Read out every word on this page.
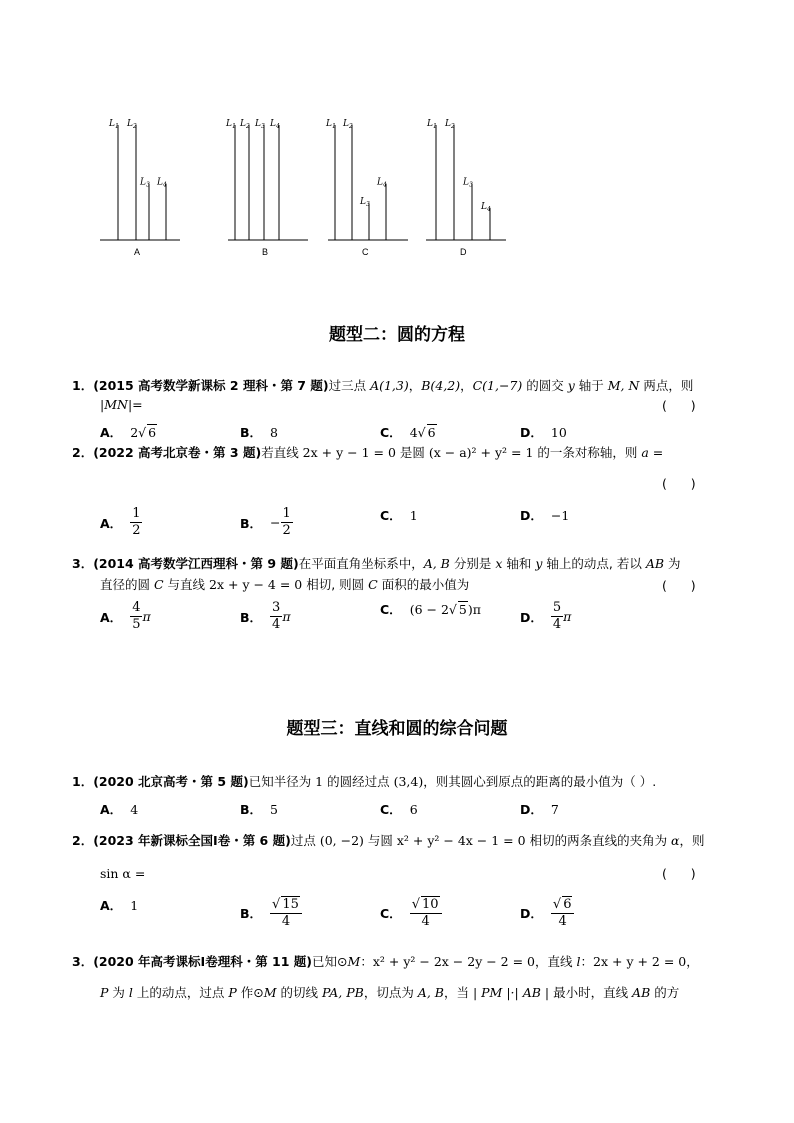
$L_1$ $L_2$
$L_3$ $L_4$
A
$L_1$ $L_2$ $L_3$ $L_4$
B
$L_1$ $L_2$
$L_3$
$L_4$
C
$L_1$ $L_2$
$L_3$
$L_4$
D
题型二：圆的方程
1．(2015 高考数学新课标 2 理科・第 7 题)过三点 A(1,3)，B(4,2)，C(1,−7) 的圆交 y 轴于 M, N 两点，则
|MN|=	(      )
A． 2√ 6	B． 8	C． 4√ 6	D． 10
2．(2022 高考北京卷・第 3 题)若直线 2x + y − 1 = 0 是圆 (x − a)² + y² = 1 的一条对称轴，则 a =
(      )
A． $\frac{1}{2}$	B． − $\frac{1}{2}$	C． 1	D． −1
3．(2014 高考数学江西理科・第 9 题)在平面直角坐标系中，A, B 分别是 x 轴和 y 轴上的动点, 若以 AB 为
直径的圆 C 与直线 2x + y − 4 = 0 相切, 则圆 C 面积的最小值为	(      )
A． $\frac{4}{5}$ π	B． $\frac{3}{4}$ π	C． (6 − 2√ 5)π	D． $\frac{5}{4}$ π
题型三：直线和圆的综合问题
1．(2020 北京高考・第 5 题)已知半径为 1 的圆经过点 (3,4)，则其圆心到原点的距离的最小值为（ ）.
A． 4	B． 5	C． 6	D． 7
2．(2023 年新课标全国Ⅰ卷・第 6 题)过点 (0, −2) 与圆 x² + y² − 4x − 1 = 0 相切的两条直线的夹角为 α，则
sin α =	(      )
A． 1
B． $\frac{√ 15}{4}$	C． $\frac{√ 10}{4}$	D． $\frac{√ 6}{4}$
3．(2020 年高考课标Ⅰ卷理科・第 11 题)已知⊙M：x² + y² − 2x − 2y − 2 = 0，直线 l：2x + y + 2 = 0，
P 为 l 上的动点，过点 P 作⊙M 的切线 PA, PB，切点为 A, B，当 | PM |·| AB | 最小时，直线 AB 的方
